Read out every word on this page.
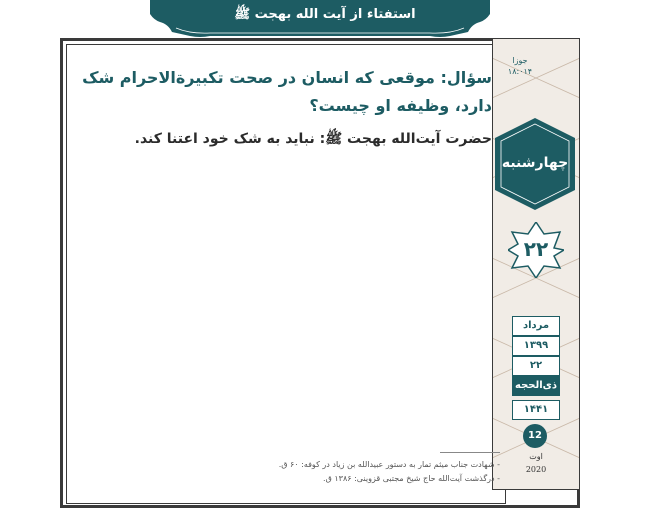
استفتاء از آیت الله بهجت ﷺ
جوزا
۱۸:۰۱۴
چهارشنبه
۲۲
مرداد
۱۳۹۹
۲۲
ذی‌الحجه
۱۴۴۱
12
اوت
2020
سؤال: موقعی که انسان در صحت تکبیرة‌الاحرام شک دارد، وظیفه او چیست؟
حضرت آیت‌الله بهجت ﷺ: نباید به شک خود اعتنا کند.
- شهادت جناب میثم تمار به دستور عبیدالله بن زیاد در کوفه: ۶۰ ق.
- درگذشت آیت‌الله حاج شیخ مجتبی قزوینی: ۱۳۸۶ ق.
